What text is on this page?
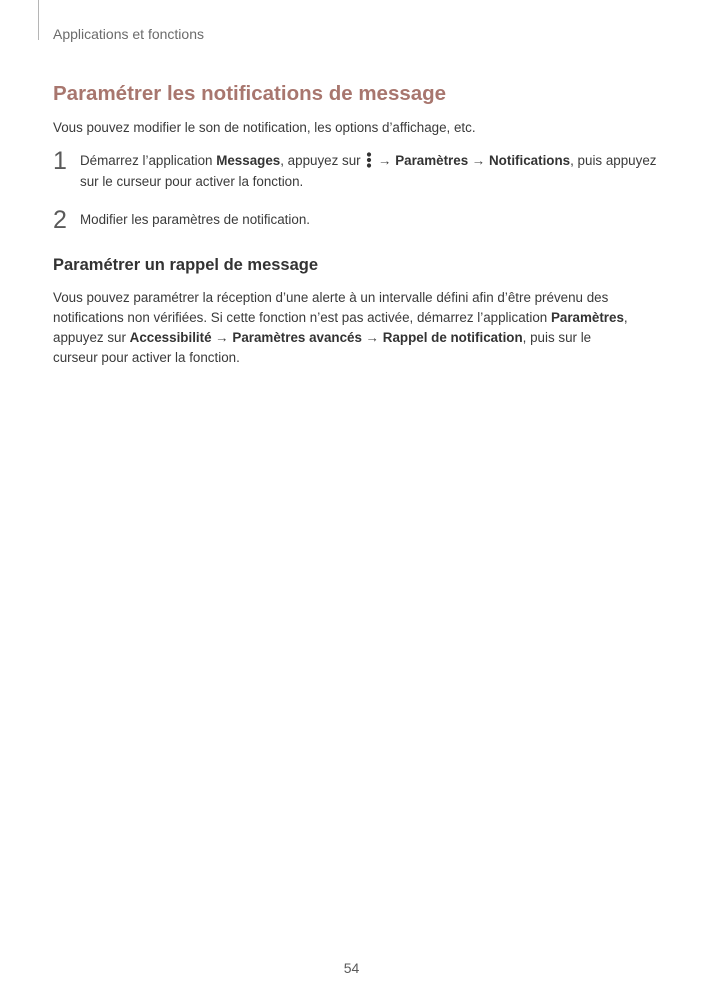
Applications et fonctions
Paramétrer les notifications de message

Vous pouvez modifier le son de notification, les options d’affichage, etc.

1 Démarrez l’application Messages, appuyez sur
→ Paramètres → Notifications, puis appuyez sur le curseur pour activer la fonction.
2 Modifier les paramètres de notification.
Paramétrer un rappel de message

Vous pouvez paramétrer la réception d’une alerte à un intervalle défini afin d’être prévenu des notifications non vérifiées. Si cette fonction n’est pas activée, démarrez l’application Paramètres, appuyez sur Accessibilité → Paramètres avancés → Rappel de notification, puis sur le curseur pour activer la fonction.

54
